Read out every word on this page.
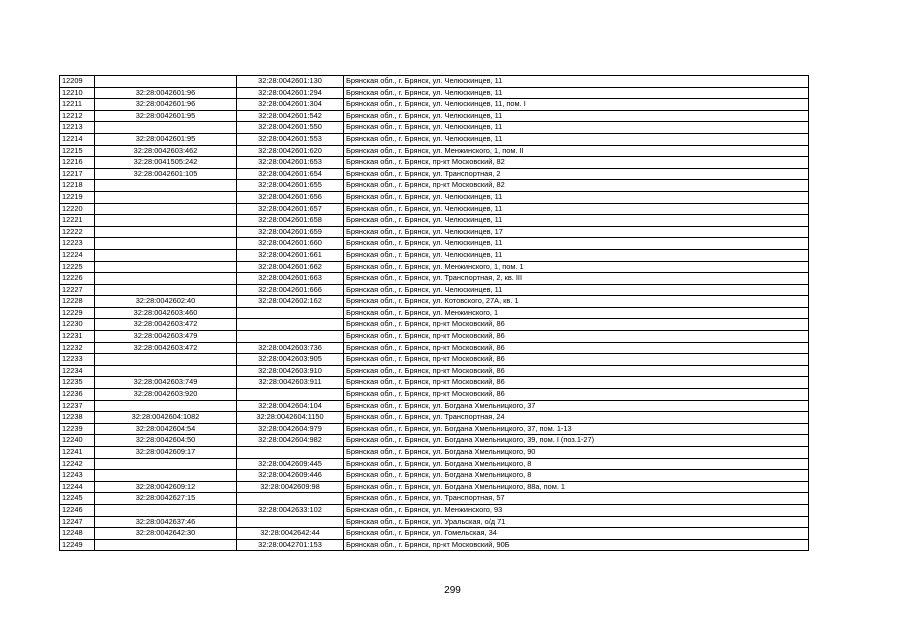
12209		32:28:0042601:130	Брянская обл., г. Брянск, ул. Челюскинцев, 11
12210	32:28:0042601:96	32:28:0042601:294	Брянская обл., г. Брянск, ул. Челюскинцев, 11
12211	32:28:0042601:96	32:28:0042601:304	Брянская обл., г. Брянск, ул. Челюскинцев, 11, пом. I
12212	32:28:0042601:95	32:28:0042601:542	Брянская обл., г. Брянск, ул. Челюскинцев, 11
12213		32:28:0042601:550	Брянская обл., г. Брянск, ул. Челюскинцев, 11
12214	32:28:0042601:95	32:28:0042601:553	Брянская обл., г. Брянск, ул. Челюскинцев, 11
12215	32:28:0042603:462	32:28:0042601:620	Брянская обл., г. Брянск, ул. Менжинского, 1, пом. II
12216	32:28:0041505:242	32:28:0042601:653	Брянская обл., г. Брянск, пр-кт Московский, 82
12217	32:28:0042601:105	32:28:0042601:654	Брянская обл., г. Брянск, ул. Транспортная, 2
12218		32:28:0042601:655	Брянская обл., г. Брянск, пр-кт Московский, 82
12219		32:28:0042601:656	Брянская обл., г. Брянск, ул. Челюскинцев, 11
12220		32:28:0042601:657	Брянская обл., г. Брянск, ул. Челюскинцев, 11
12221		32:28:0042601:658	Брянская обл., г. Брянск, ул. Челюскинцев, 11
12222		32:28:0042601:659	Брянская обл., г. Брянск, ул. Челюскинцев, 17
12223		32:28:0042601:660	Брянская обл., г. Брянск, ул. Челюскинцев, 11
12224		32:28:0042601:661	Брянская обл., г. Брянск, ул. Челюскинцев, 11
12225		32:28:0042601:662	Брянская обл., г. Брянск, ул. Менжинского, 1, пом. 1
12226		32:28:0042601:663	Брянская обл., г. Брянск, ул. Транспортная, 2, кв. III
12227		32:28:0042601:666	Брянская обл., г. Брянск, ул. Челюскинцев, 11
12228	32:28:0042602:40	32:28:0042602:162	Брянская обл., г. Брянск, ул. Котовского, 27А, кв. 1
12229	32:28:0042603:460		Брянская обл., г. Брянск, ул. Менжинского, 1
12230	32:28:0042603:472		Брянская обл., г. Брянск, пр-кт Московский, 86
12231	32:28:0042603:479		Брянская обл., г. Брянск, пр-кт Московский, 86
12232	32:28:0042603:472	32:28:0042603:736	Брянская обл., г. Брянск, пр-кт Московский, 86
12233		32:28:0042603:905	Брянская обл., г. Брянск, пр-кт Московский, 86
12234		32:28:0042603:910	Брянская обл., г. Брянск, пр-кт Московский, 86
12235	32:28:0042603:749	32:28:0042603:911	Брянская обл., г. Брянск, пр-кт Московский, 86
12236	32:28:0042603:920		Брянская обл., г. Брянск, пр-кт Московский, 86
12237		32:28:0042604:104	Брянская обл., г. Брянск, ул. Богдана Хмельницкого, 37
12238	32:28:0042604:1082	32:28:0042604:1150	Брянская обл., г. Брянск, ул. Транспортная, 24
12239	32:28:0042604:54	32:28:0042604:979	Брянская обл., г. Брянск, ул. Богдана Хмельницкого, 37, пом. 1-13
12240	32:28:0042604:50	32:28:0042604:982	Брянская обл., г. Брянск, ул. Богдана Хмельницкого, 39, пом. I (поз.1-27)
12241	32:28:0042609:17		Брянская обл., г. Брянск, ул. Богдана Хмельницкого, 90
12242		32:28:0042609:445	Брянская обл., г. Брянск, ул. Богдана Хмельницкого, 8
12243		32:28:0042609:446	Брянская обл., г. Брянск, ул. Богдана Хмельницкого, 8
12244	32:28:0042609:12	32:28:0042609:98	Брянская обл., г. Брянск, ул. Богдана Хмельницкого, 88а, пом. 1
12245	32:28:0042627:15		Брянская обл., г. Брянск, ул. Транспортная, 57
12246		32:28:0042633:102	Брянская обл., г. Брянск, ул. Менжинского, 93
12247	32:28:0042637:46		Брянская обл., г. Брянск, ул. Уральская, о/д 71
12248	32:28:0042642:30	32:28:0042642:44	Брянская обл., г. Брянск, ул. Гомельская, 34
12249		32:28:0042701:153	Брянская обл., г. Брянск, пр-кт Московский, 90Б
299
